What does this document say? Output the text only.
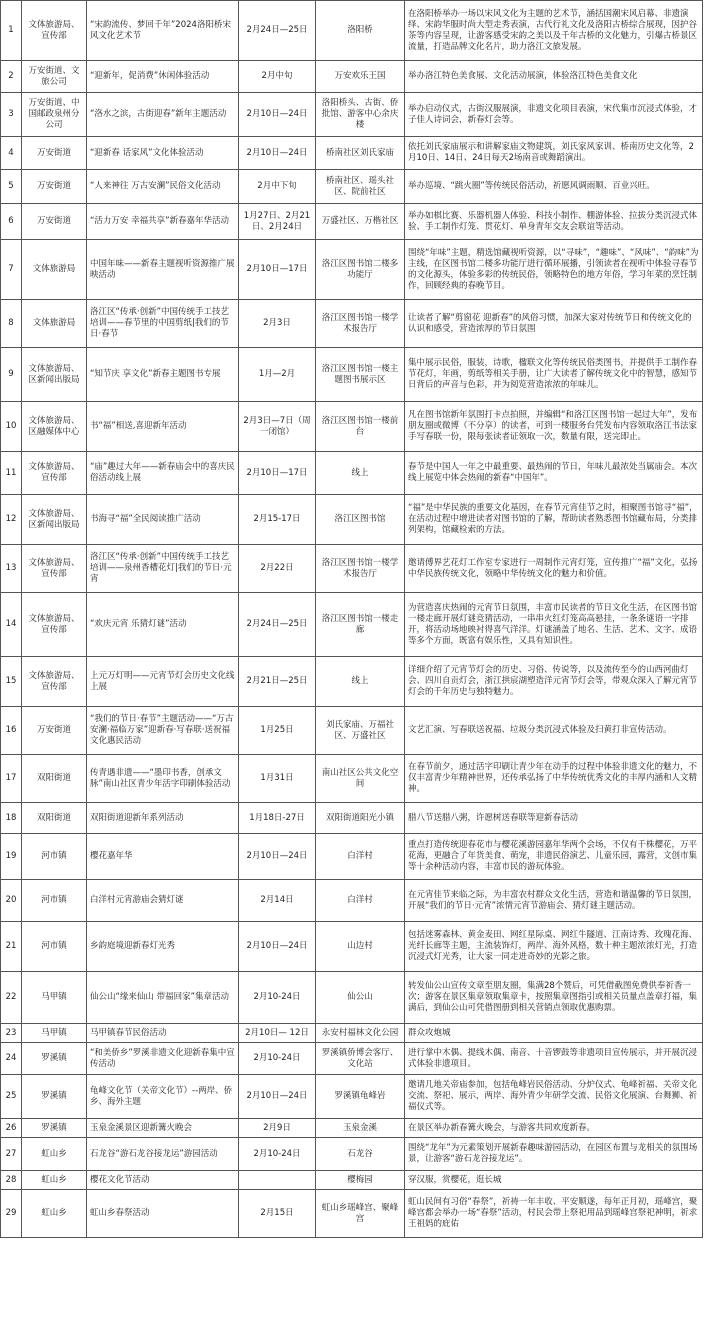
1	文体旅游局、宣传部	“宋韵流传、梦回千年”2024洛阳桥宋风文化艺术节	2月24日—25日	洛阳桥	在洛阳桥举办一场以宋风文化为主题的艺术节，涵括国潮宋风启幕、非遗演绎、宋韵华服时尚大型走秀表演，古代行礼文化及洛阳古桥综合展现，因护谷茶等内容呈现，让游客感受宋韵之美以及千年古桥的文化魅力，引爆古桥景区流量，打造品牌文化名片，助力洛江文旅发展。
2	万安街道、文旅公司	“迎新年，促消费”休闲体验活动	2月中旬	万安欢乐王国	举办洛江特色美食展、文化活动展演，体验洛江特色美食文化
3	万安街道、中国邮政泉州分公司	“洛水之滨，古街迎春”新年主题活动	2月10日—24日	洛阳桥头、古街、侨批馆、游客中心余庆楼	举办启动仪式，古街汉服展演，非遗文化项目表演，宋代集市沉浸式体验，才子佳人诗词会，新春灯会等。
4	万安街道	“迎新春 话家风”文化体验活动	2月10日—24日	桥南社区刘氏家庙	依托刘氏家庙展示和讲解家庙文物建筑，刘氏家风家训、桥南历史文化等，2月10日、14日、24日每天2场南音或舞蹈演出。
5	万安街道	“人来神往 万古安澜”民俗文化活动	2月中下旬	桥南社区、瑶头社区、院前社区	举办巡境、“跳火圈”等传统民俗活动，祈愿风调雨顺、百业兴旺。
6	万安街道	“活力万安 幸福共享”新春嘉年华活动	1月27日、2月21日、2月24日	万盛社区、万楷社区	举办如棋比赛、乐器机器人体验、科技小制作、棚游体验、拉拔分类沉浸式体验、手工制作灯笼、贯花灯、单身青年交友会联谊等活动。
7	文体旅游局	中国年味——新春主题视听资源推广展映活动	2月10日—17日	洛江区图书馆二楼多功能厅	围绕“年味”主题，精选馆藏视听资源，以“寻味”，“趣味”、“风味”、“韵味”为主线，在区图书馆二楼多功能厅进行循环展播，引领读者在视听中体验寻春节的文化源头，体验多彩的传统民俗，领略特色的地方年俗，学习年菜的烹饪制作，回顾经典的春晚节目。
8	文体旅游局	洛江区“传承·创新”中国传统手工技艺培训——春节里的中国剪纸|我们的节日·春节	2月3日	洛江区图书馆一楼学术报告厅	让读者了解“剪窗花 迎新春”的风俗习惯，加深大家对传统节日和传统文化的认识和感受，营造浓厚的节日氛围
9	文体旅游局、区新闻出版局	“知节庆 享文化”新春主题图书专展	1月—2月	洛江区图书馆一楼主题图书展示区	集中展示民俗，服装，诗歌，楹联文化等传统民俗类图书，并提供手工制作春节花灯，年画，剪纸等相关手册，让广大读者了解传统文化中的智慧，感知节日背后的声音与色彩，并为阅览营造浓浓的年味儿。
10	文体旅游局、区融媒体中心	书“福”相送,喜迎新年活动	2月3日—7日（周一闭馆）	洛江区图书馆一楼前台	凡在图书馆新年氛围打卡点拍照，并编辑“和洛江区图书馆一起过大年”，发布朋友圈或微博（不分享）的读者，可到一楼服务台凭发布内容领取洛江书法家手写春联一份，限每张读者证领取一次，数量有限，送完即止。
11	文体旅游局、宣传部	“庙”趣过大年——新春庙会中的喜庆民俗活动线上展	2月10日—17日	线上	春节是中国人一年之中最重要、最热闹的节日，年味儿最浓处当属庙会。本次线上展览中体会热闹的新春“中国年”。
12	文体旅游局、区新闻出版局	书海寻“福”全民阅读推广活动	2月15-17日	洛江区图书馆	“福”是中华民族的重要文化基因，在春节元宵佳节之时，相聚图书馆寻“福”，在活动过程中增进读者对图书馆的了解，帮助读者熟悉图书馆藏布局，分类排列架构，馆藏检索的方法。
13	文体旅游局、宣传部	洛江区“传承·创新”中国传统手工技艺培训——泉州香槽花灯|我们的节日·元宵	2月22日	洛江区图书馆一楼学术报告厅	邀请傅界艺花灯工作室专家进行一周制作元宵灯笼，宣传推广“福”文化，弘扬中华民族传统文化，领略中华传统文化的魅力和价值。
14	文体旅游局、宣传部	“欢庆元宵 乐猜灯谜”活动	2月24日—25日	洛江区图书馆一楼走廊	为营造喜庆热闹的元宵节日氛围，丰富市民读者的节日文化生活，在区图书馆一楼走廊开展灯谜竞猜活动，一串串火红灯笼高高悬挂，一条条谜语一字排开，将活动场地映衬得喜气洋洋。灯谜涵盖了地名、生活、艺术、文字、成语等多个方面，既富有娱乐性，又具有知识性。
15	文体旅游局、宣传部	上元万灯明——元宵节灯会历史文化线上展	2月21日—25日	线上	详细介绍了元宵节灯会的历史、习俗、传说等，以及流传至今的山西河曲灯会、四川自贡灯会，浙江拱宸湖塑造洋元宵节灯会等，带观众深入了解元宵节灯会的千年历史与独特魅力。
16	万安街道	“我们的节日·春节”主题活动——“万古安澜·福临万家”迎新春·写春联·送祝福文化惠民活动	1月25日	刘氏家庙、万福社区、万盛社区	文艺汇演、写春联送祝福、垃圾分类沉浸式体验及扫黄打非宣传活动。
17	双阳街道	传青遇非遗——“墨印书香，创承文脉”南山社区青少年活字印刷体验活动	1月31日	南山社区公共文化空间	在春节前夕，通过活字印刷让青少年在动手的过程中体验非遗文化的魅力，不仅丰富青少年精神世界，还传承弘扬了中华传统优秀文化的丰厚内涵和人文精神。
18	双阳街道	双阳街道迎新年系列活动	1月18日-27日	双阳街道阳光小镇	腊八节送腊八粥，许愿树送春联等迎新春活动
19	河市镇	樱花嘉年华	2月10日—24日	白洋村	重点打造传统迎春花市与樱花溪游园嘉年华两个会场，不仅有千株樱花，万平花海，更融合了年货美食、萌宠，非遗民俗演艺、儿童乐园，露营，文创市集等十余种活动内容，丰富市民的游玩体验。
20	河市镇	白洋村元宵游庙会猜灯谜	2月14日	白洋村	在元宵佳节来临之际，为丰富农村群众文化生活，营造和谐温馨的节日氛围，开展“我们的节日·元宵”浓情元宵节游庙会、猜灯谜主题活动。
21	河市镇	乡韵庭境迎新春灯光秀	2月10日—24日	山边村	包括迷雾森林、黄金麦田、网红星际桌、网红牛隧道、江南诗秀、玫瑰花海、光纤长廊等主题，主流装饰灯，两岸、海外风格，数十种主题浓浓灯光，打造沉浸式灯光秀，让大家一同走进奇妙的光影之旅。
22	马甲镇	仙公山“缘来仙山 带福回家”集章活动	2月10-24日	仙公山	转发仙公山宣传文章至朋友圈，集满28个赞后，可凭借截图免费供奉祈香一次；游客在景区集章领取集章卡，按照集章图指引或相关员量点盖章打福，集满后，到仙公山可凭借图册到相关营销点领取优惠购票。
23	马甲镇	马甲镇春节民俗活动	2月10日— 12日	永安村福林文化公园	群众攻炮城
24	罗溪镇	“和美侨乡”罗溪非遗文化迎新春集中宣传活动	2月10-24日	罗溪镇侨博会客厅、文化站	进行掌中木偶、提线木偶、南音、十音锣鼓等非遗项目宣传展示，并开展沉浸式体验非遗项目。
25	罗溪镇	龟峰文化节（关帝文化节）--两岸、侨乡、海外主题	2月10日—24日	罗溪镇龟峰岩	邀请几地关帝庙参加，包括龟峰岩民俗活动、分炉仪式、龟峰祈福、关帝文化交流、祭祀、展示，两岸、海外青少年研学交流、民俗文化展演、台舞狮、祈福仪式等。
26	罗溪镇	玉泉金溪景区迎新篝火晚会	2月9日	玉泉金溪	在景区举办新春篝火晚会，与游客共同欢度新春。
27	虹山乡	石龙谷“游石龙谷接龙运”游园活动	2月10-24日	石龙谷	围绕“龙年”为元素策划开展新春趣味游园活动，在园区布置与龙相关的氛围场景，让游客“游石龙谷接龙运”。
28	虹山乡	樱花文化节活动		樱梅园	穿汉服，赏樱花，逛长城
29	虹山乡	虹山乡春祭活动	2月15日	虹山乡瑶峰宫、聚峰宫	虹山民间有习俗“春祭”，祈祷一年丰收、平安顺遂，每年正月初，瑶峰宫，聚峰宫都会举办一场“春祭”活动，村民会带上祭祀用品到瑶峰宫祭祀神明，祈求王祖妈的庇佑
